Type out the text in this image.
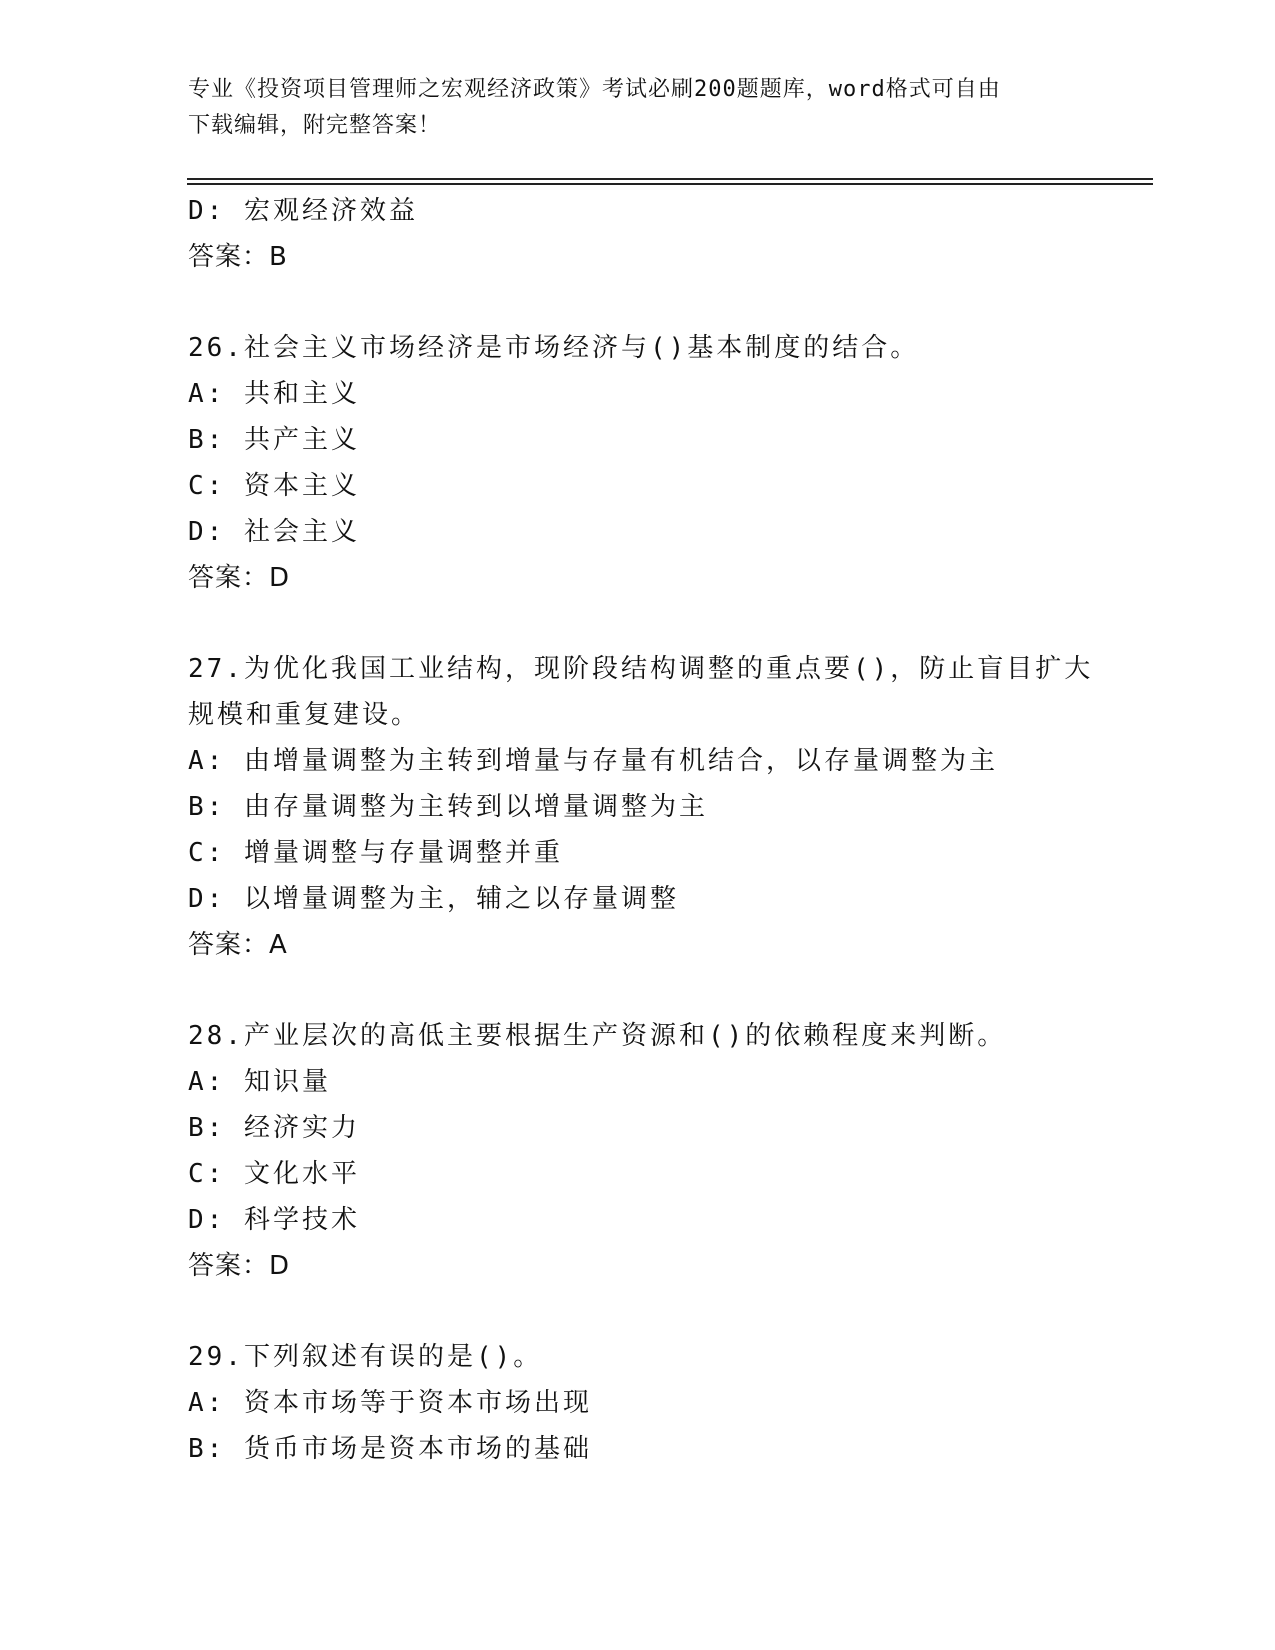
专业《投资项目管理师之宏观经济政策》考试必刷200题题库，word格式可自由
下载编辑，附完整答案！
D: 宏观经济效益
答案：B
26.社会主义市场经济是市场经济与()基本制度的结合。
A: 共和主义
B: 共产主义
C: 资本主义
D: 社会主义
答案：D
27.为优化我国工业结构，现阶段结构调整的重点要()，防止盲目扩大
规模和重复建设。
A: 由增量调整为主转到增量与存量有机结合，以存量调整为主
B: 由存量调整为主转到以增量调整为主
C: 增量调整与存量调整并重
D: 以增量调整为主，辅之以存量调整
答案：A
28.产业层次的高低主要根据生产资源和()的依赖程度来判断。
A: 知识量
B: 经济实力
C: 文化水平
D: 科学技术
答案：D
29.下列叙述有误的是()。
A: 资本市场等于资本市场出现
B: 货币市场是资本市场的基础
